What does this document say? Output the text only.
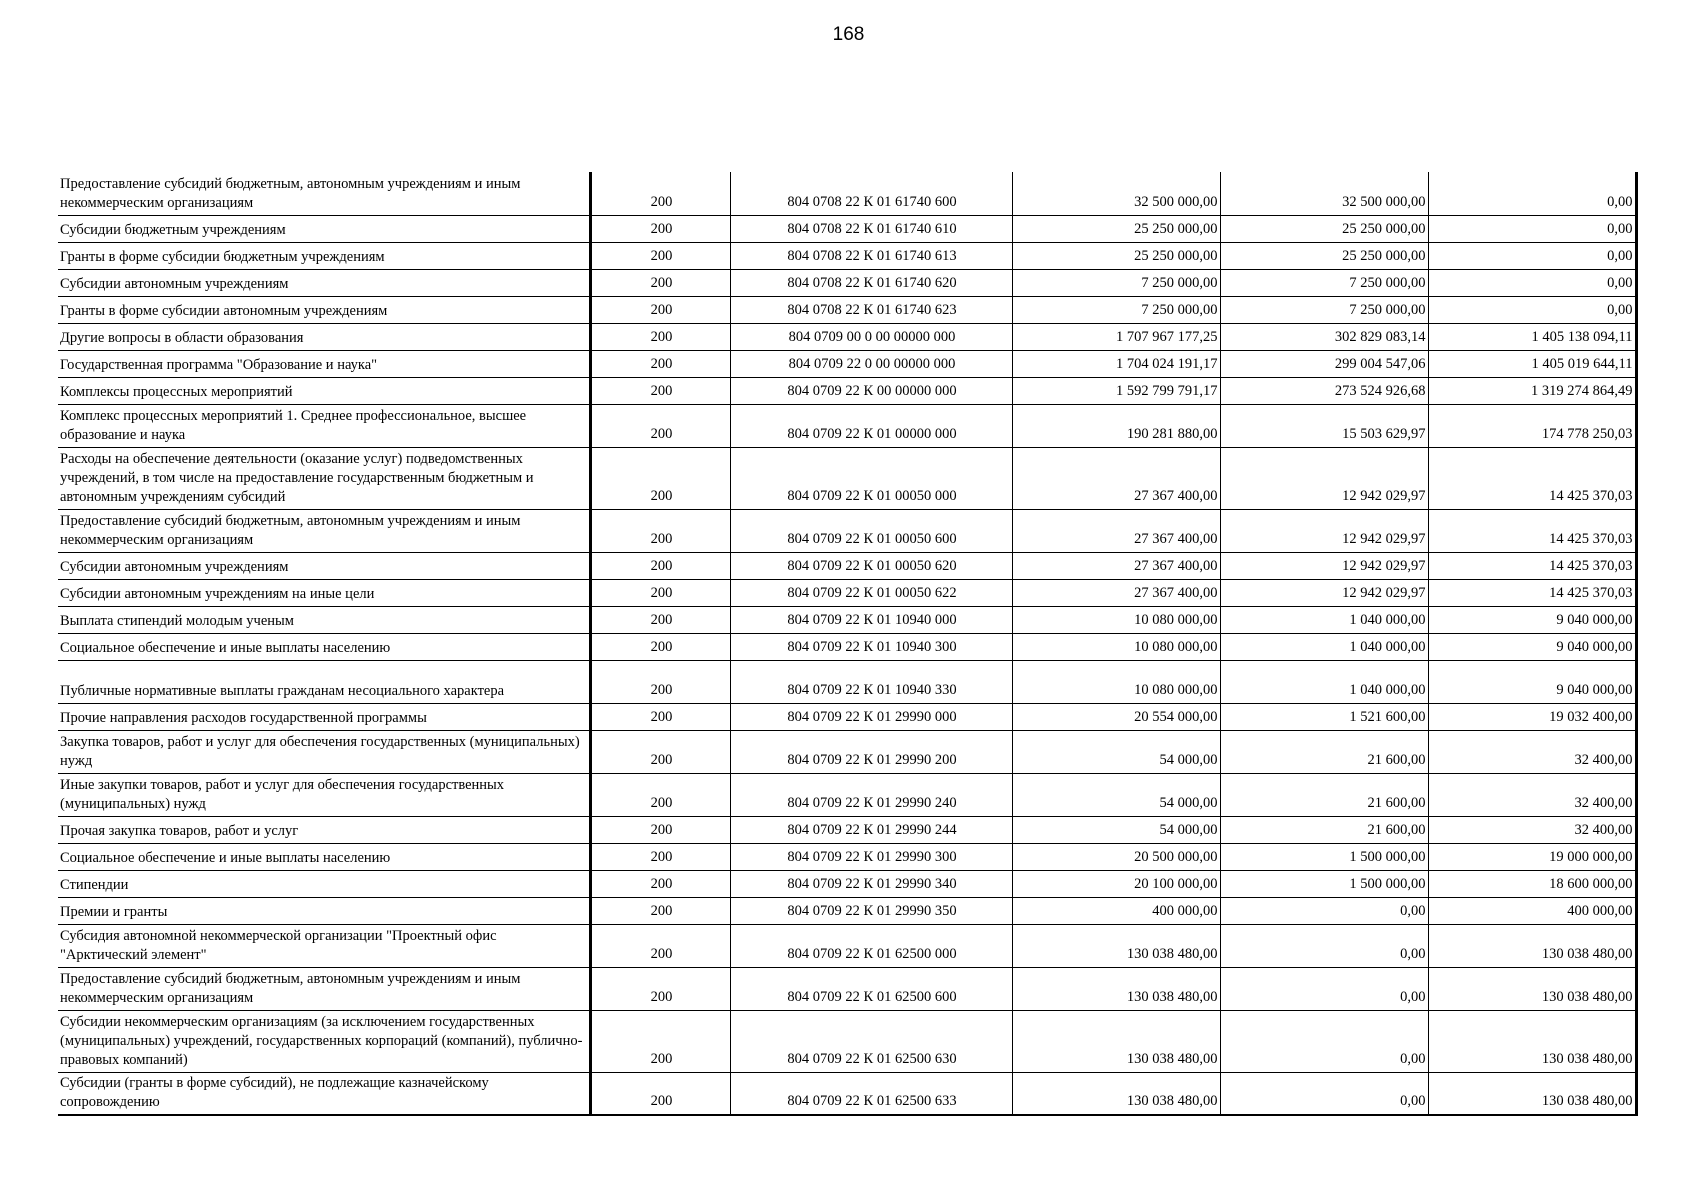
168
Предоставление субсидий бюджетным, автономным учреждениям и иным некоммерческим организациям	200	804 0708 22 К 01 61740 600	32 500 000,00	32 500 000,00	0,00
Субсидии бюджетным учреждениям	200	804 0708 22 К 01 61740 610	25 250 000,00	25 250 000,00	0,00
Гранты в форме субсидии бюджетным учреждениям	200	804 0708 22 К 01 61740 613	25 250 000,00	25 250 000,00	0,00
Субсидии автономным учреждениям	200	804 0708 22 К 01 61740 620	7 250 000,00	7 250 000,00	0,00
Гранты в форме субсидии автономным учреждениям	200	804 0708 22 К 01 61740 623	7 250 000,00	7 250 000,00	0,00
Другие вопросы в области образования	200	804 0709 00 0 00 00000 000	1 707 967 177,25	302 829 083,14	1 405 138 094,11
Государственная программа "Образование и наука"	200	804 0709 22 0 00 00000 000	1 704 024 191,17	299 004 547,06	1 405 019 644,11
Комплексы процессных мероприятий	200	804 0709 22 К 00 00000 000	1 592 799 791,17	273 524 926,68	1 319 274 864,49
Комплекс процессных мероприятий 1. Среднее профессиональное, высшее образование и наука	200	804 0709 22 К 01 00000 000	190 281 880,00	15 503 629,97	174 778 250,03
Расходы на обеспечение деятельности (оказание услуг) подведомственных учреждений, в том числе на предоставление государственным бюджетным и автономным учреждениям субсидий	200	804 0709 22 К 01 00050 000	27 367 400,00	12 942 029,97	14 425 370,03
Предоставление субсидий бюджетным, автономным учреждениям и иным некоммерческим организациям	200	804 0709 22 К 01 00050 600	27 367 400,00	12 942 029,97	14 425 370,03
Субсидии автономным учреждениям	200	804 0709 22 К 01 00050 620	27 367 400,00	12 942 029,97	14 425 370,03
Субсидии автономным учреждениям на иные цели	200	804 0709 22 К 01 00050 622	27 367 400,00	12 942 029,97	14 425 370,03
Выплата стипендий молодым ученым	200	804 0709 22 К 01 10940 000	10 080 000,00	1 040 000,00	9 040 000,00
Социальное обеспечение и иные выплаты населению	200	804 0709 22 К 01 10940 300	10 080 000,00	1 040 000,00	9 040 000,00
Публичные нормативные выплаты гражданам несоциального характера	200	804 0709 22 К 01 10940 330	10 080 000,00	1 040 000,00	9 040 000,00
Прочие направления расходов государственной программы	200	804 0709 22 К 01 29990 000	20 554 000,00	1 521 600,00	19 032 400,00
Закупка товаров, работ и услуг для обеспечения государственных (муниципальных) нужд	200	804 0709 22 К 01 29990 200	54 000,00	21 600,00	32 400,00
Иные закупки товаров, работ и услуг для обеспечения государственных (муниципальных) нужд	200	804 0709 22 К 01 29990 240	54 000,00	21 600,00	32 400,00
Прочая закупка товаров, работ и услуг	200	804 0709 22 К 01 29990 244	54 000,00	21 600,00	32 400,00
Социальное обеспечение и иные выплаты населению	200	804 0709 22 К 01 29990 300	20 500 000,00	1 500 000,00	19 000 000,00
Стипендии	200	804 0709 22 К 01 29990 340	20 100 000,00	1 500 000,00	18 600 000,00
Премии и гранты	200	804 0709 22 К 01 29990 350	400 000,00	0,00	400 000,00
Субсидия автономной некоммерческой организации "Проектный офис "Арктический элемент"	200	804 0709 22 К 01 62500 000	130 038 480,00	0,00	130 038 480,00
Предоставление субсидий бюджетным, автономным учреждениям и иным некоммерческим организациям	200	804 0709 22 К 01 62500 600	130 038 480,00	0,00	130 038 480,00
Субсидии некоммерческим организациям (за исключением государственных (муниципальных) учреждений, государственных корпораций (компаний), публично-правовых компаний)	200	804 0709 22 К 01 62500 630	130 038 480,00	0,00	130 038 480,00
Субсидии (гранты в форме субсидий), не подлежащие казначейскому сопровождению	200	804 0709 22 К 01 62500 633	130 038 480,00	0,00	130 038 480,00
